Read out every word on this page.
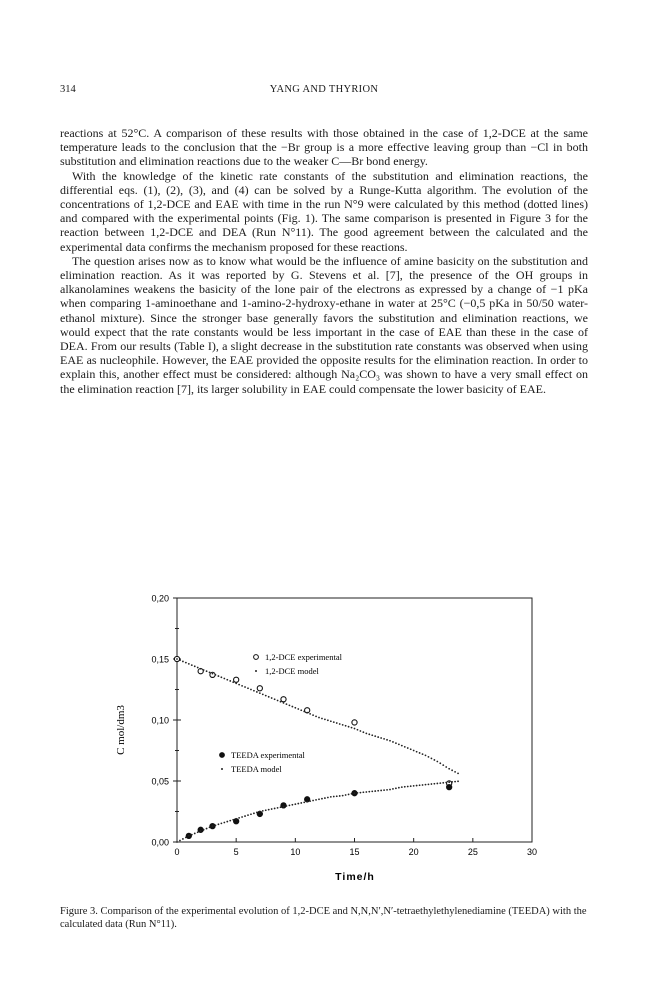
314	YANG AND THYRION

reactions at 52°C. A comparison of these results with those obtained in the case of 1,2-DCE at the same temperature leads to the conclusion that the −Br group is a more effective leaving group than −Cl in both substitution and elimination reactions due to the weaker C—Br bond energy.

With the knowledge of the kinetic rate constants of the substitution and elimination reactions, the differential eqs. (1), (2), (3), and (4) can be solved by a Runge-Kutta algorithm. The evolution of the concentrations of 1,2-DCE and EAE with time in the run N°9 were calculated by this method (dotted lines) and compared with the experimental points (Fig. 1). The same comparison is presented in Figure 3 for the reaction between 1,2-DCE and DEA (Run N°11). The good agreement between the calculated and the experimental data confirms the mechanism proposed for these reactions.

The question arises now as to know what would be the influence of amine basicity on the substitution and elimination reaction. As it was reported by G. Stevens et al. [7], the presence of the OH groups in alkanolamines weakens the basicity of the lone pair of the electrons as expressed by a change of −1 pKa when comparing 1-aminoethane and 1-amino-2-hydroxy-ethane in water at 25°C (−0,5 pKa in 50/50 water-ethanol mixture). Since the stronger base generally favors the substitution and elimination reactions, we would expect that the rate constants would be less important in the case of EAE than these in the case of DEA. From our results (Table I), a slight decrease in the substitution rate constants was observed when using EAE as nucleophile. However, the EAE provided the opposite results for the elimination reaction. In order to explain this, another effect must be considered: although Na₂CO₃ was shown to have a very small effect on the elimination reaction [7], its larger solubility in EAE could compensate the lower basicity of EAE.

0,00
0,05
0,10
0,15
0,20
0	5	10	15	20	25	30
1,2-DCE experimental
1,2-DCE model
TEEDA experimental
TEEDA model
C mol/dm3
Time/h

Figure 3. Comparison of the experimental evolution of 1,2-DCE and N,N,N′,N′-tetraethylethylenediamine (TEEDA) with the calculated data (Run N°11).
